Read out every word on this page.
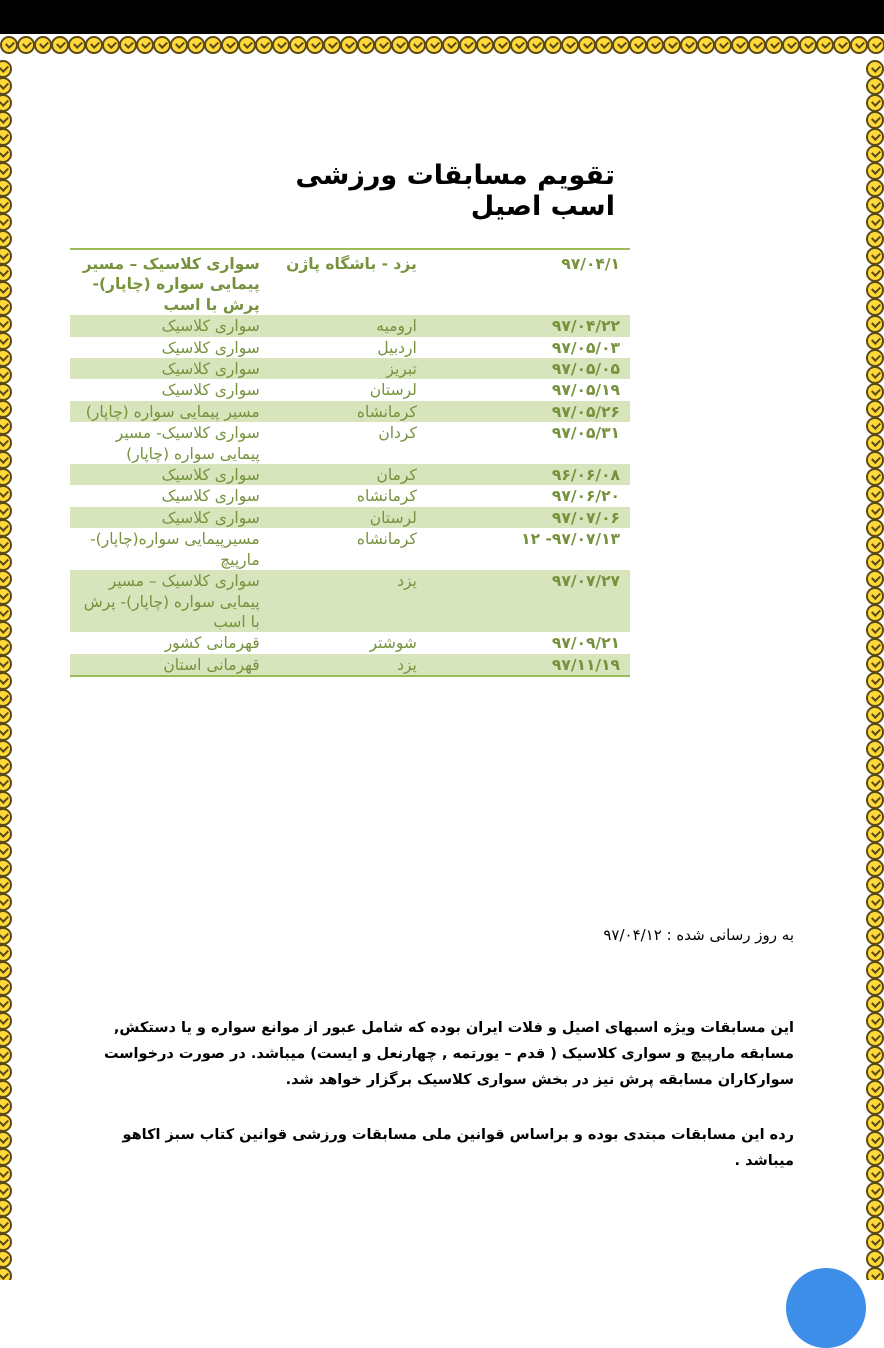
تقویم مسابقات ورزشی اسب اصیل
۹۷/۰۴/۱	یزد - باشگاه پاژن	سواری کلاسیک – مسیر پیمایی سواره (چاپار)- پرش با اسب
۹۷/۰۴/۲۲	ارومیه	سواری کلاسیک
۹۷/۰۵/۰۳	اردبیل	سواری کلاسیک
۹۷/۰۵/۰۵	تبریز	سواری کلاسیک
۹۷/۰۵/۱۹	لرستان	سواری کلاسیک
۹۷/۰۵/۲۶	کرمانشاه	مسیر پیمایی سواره (چاپار)
۹۷/۰۵/۳۱	کردان	سواری کلاسیک- مسیر پیمایی سواره (چاپار)
۹۶/۰۶/۰۸	کرمان	سواری کلاسیک
۹۷/۰۶/۲۰	کرمانشاه	سواری کلاسیک
۹۷/۰۷/۰۶	لرستان	سواری کلاسیک
۹۷/۰۷/۱۳- ۱۲	کرمانشاه	مسیرپیمایی سواره(چاپار)- مارپیچ
۹۷/۰۷/۲۷	یزد	سواری کلاسیک – مسیر پیمایی سواره (چاپار)- پرش با اسب
۹۷/۰۹/۲۱	شوشتر	قهرمانی کشور
۹۷/۱۱/۱۹	یزد	قهرمانی استان
به روز رسانی شده : ۹۷/۰۴/۱۲
این مسابقات ویژه اسبهای اصیل و فلات ایران بوده که شامل عبور از موانع سواره و یا دستکش, مسابقه مارپیچ و سواری کلاسیک ( قدم – یورتمه , چهارنعل و ایست) میباشد. در صورت درخواست سوارکاران مسابقه پرش نیز در بخش سواری کلاسیک برگزار خواهد شد.
رده این مسابقات مبتدی بوده و براساس قوانین ملی مسابقات ورزشی قوانین کتاب سبز اکاهو میباشد .
